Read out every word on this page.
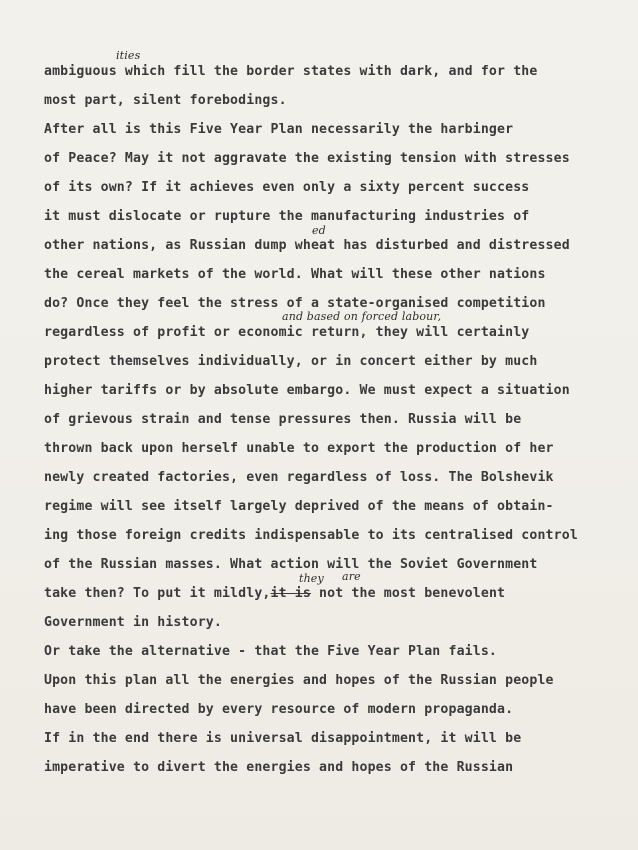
ambiguous which fill the border states with dark, and for the
most part, silent forebodings.
After all is this Five Year Plan necessarily the harbinger
of Peace? May it not aggravate the existing tension with stresses
of its own? If it achieves even only a sixty percent success
it must dislocate or rupture the manufacturing industries of
other nations, as Russian dump wheat has disturbed and distressed
the cereal markets of the world. What will these other nations
do? Once they feel the stress of a state-organised competition
regardless of profit or economic return, they will certainly
protect themselves individually, or in concert either by much
higher tariffs or by absolute embargo. We must expect a situation
of grievous strain and tense pressures then. Russia will be
thrown back upon herself unable to export the production of her
newly created factories, even regardless of loss. The Bolshevik
regime will see itself largely deprived of the means of obtain-
ing those foreign credits indispensable to its centralised control
of the Russian masses. What action will the Soviet Government
take then? To put it mildly,it is not the most benevolent
Government in history.
Or take the alternative - that the Five Year Plan fails.
Upon this plan all the energies and hopes of the Russian people
have been directed by every resource of modern propaganda.
If in the end there is universal disappointment, it will be
imperative to divert the energies and hopes of the Russian
ities
ed
and based on forced labour,
they are
